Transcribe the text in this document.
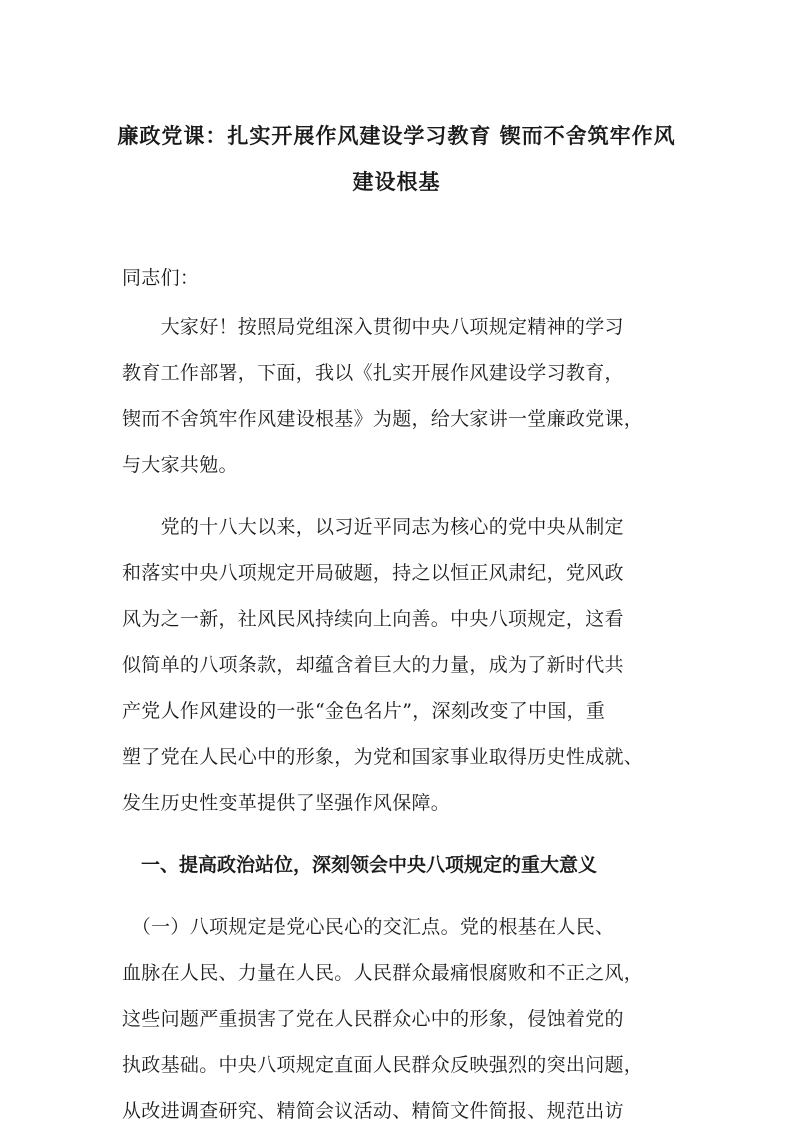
廉政党课：扎实开展作风建设学习教育 锲而不舍筑牢作风
建设根基
同志们：
　　大家好！按照局党组深入贯彻中央八项规定精神的学习
教育工作部署，下面，我以《扎实开展作风建设学习教育，
锲而不舍筑牢作风建设根基》为题，给大家讲一堂廉政党课，
与大家共勉。
　　党的十八大以来，以习近平同志为核心的党中央从制定
和落实中央八项规定开局破题，持之以恒正风肃纪，党风政
风为之一新，社风民风持续向上向善。中央八项规定，这看
似简单的八项条款，却蕴含着巨大的力量，成为了新时代共
产党人作风建设的一张“金色名片”，深刻改变了中国，重
塑了党在人民心中的形象，为党和国家事业取得历史性成就、
发生历史性变革提供了坚强作风保障。
　一、提高政治站位，深刻领会中央八项规定的重大意义
　（一）八项规定是党心民心的交汇点。党的根基在人民、
血脉在人民、力量在人民。人民群众最痛恨腐败和不正之风，
这些问题严重损害了党在人民群众心中的形象，侵蚀着党的
执政基础。中央八项规定直面人民群众反映强烈的突出问题，
从改进调查研究、精简会议活动、精简文件简报、规范出访
